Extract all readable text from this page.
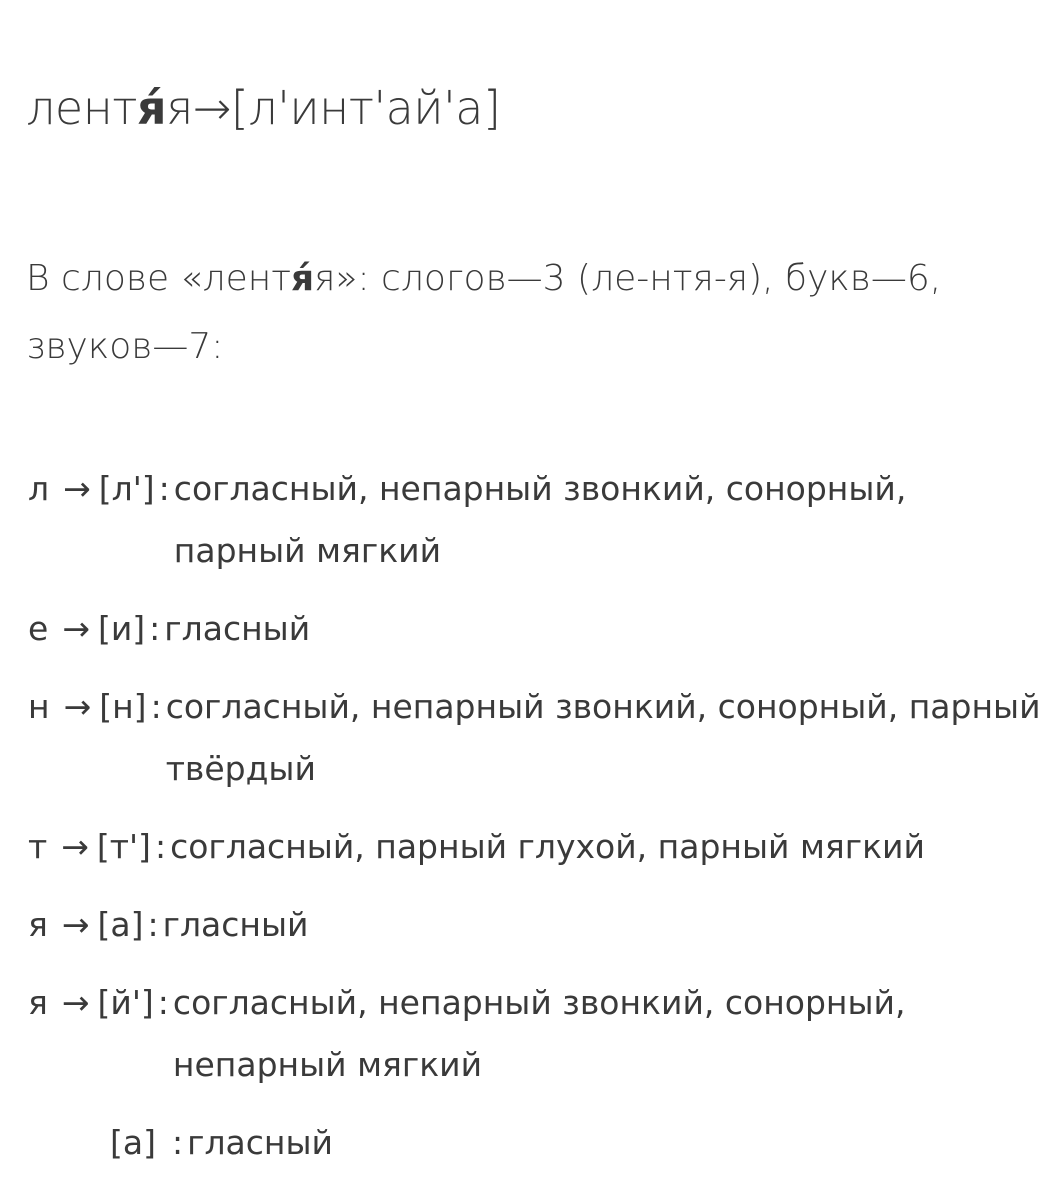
лентя́я→[л'инт'ай'а]
В слове «лентя́я»: слогов—3 (ле-нтя-я), букв—6, звуков—7:
л → [л'] : согласный, непарный звонкий, сонорный, парный мягкий
е → [и] : гласный
н → [н] : согласный, непарный звонкий, сонорный, парный твёрдый
т → [т'] : согласный, парный глухой, парный мягкий
я → [а] : гласный
я → [й'] : согласный, непарный звонкий, сонорный, непарный мягкий
[а] : гласный
